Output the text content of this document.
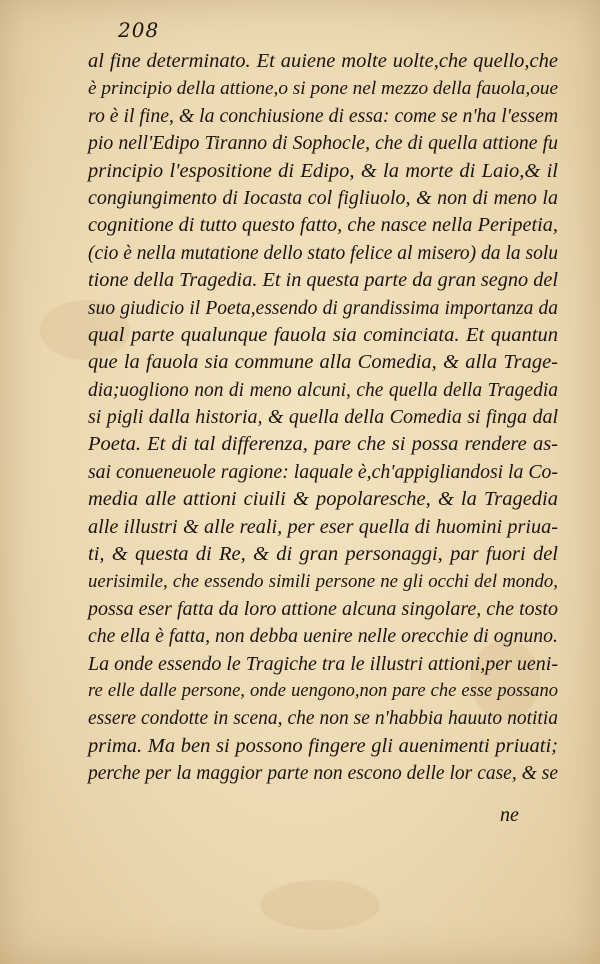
208
al fine determinato. Et auiene molte uolte,che quello,che
è principio della attione,o si pone nel mezzo della fauola,oue
ro è il fine, & la conchiusione di essa: come se n'ha l'essem
pio nell'Edipo Tiranno di Sophocle, che di quella attione fu
principio l'espositione di Edipo, & la morte di Laio,& il
congiungimento di Iocasta col figliuolo, & non di meno la
cognitione di tutto questo fatto, che nasce nella Peripetia,
(cio è nella mutatione dello stato felice al misero) da la solu
tione della Tragedia. Et in questa parte da gran segno del
suo giudicio il Poeta,essendo di grandissima importanza da
qual parte qualunque fauola sia cominciata. Et quantun
que la fauola sia commune alla Comedia, & alla Trage-
dia;uogliono non di meno alcuni, che quella della Tragedia
si pigli dalla historia, & quella della Comedia si finga dal
Poeta. Et di tal differenza, pare che si possa rendere as-
sai conueneuole ragione: laquale è,ch'appigliandosi la Co-
media alle attioni ciuili & popolaresche, & la Tragedia
alle illustri & alle reali, per eser quella di huomini priua-
ti, & questa di Re, & di gran personaggi, par fuori del
uerisimile, che essendo simili persone ne gli occhi del mondo,
possa eser fatta da loro attione alcuna singolare, che tosto
che ella è fatta, non debba uenire nelle orecchie di ognuno.
La onde essendo le Tragiche tra le illustri attioni,per ueni-
re elle dalle persone, onde uengono,non pare che esse possano
essere condotte in scena, che non se n'habbia hauuto notitia
prima. Ma ben si possono fingere gli auenimenti priuati;
perche per la maggior parte non escono delle lor case, & se
ne
